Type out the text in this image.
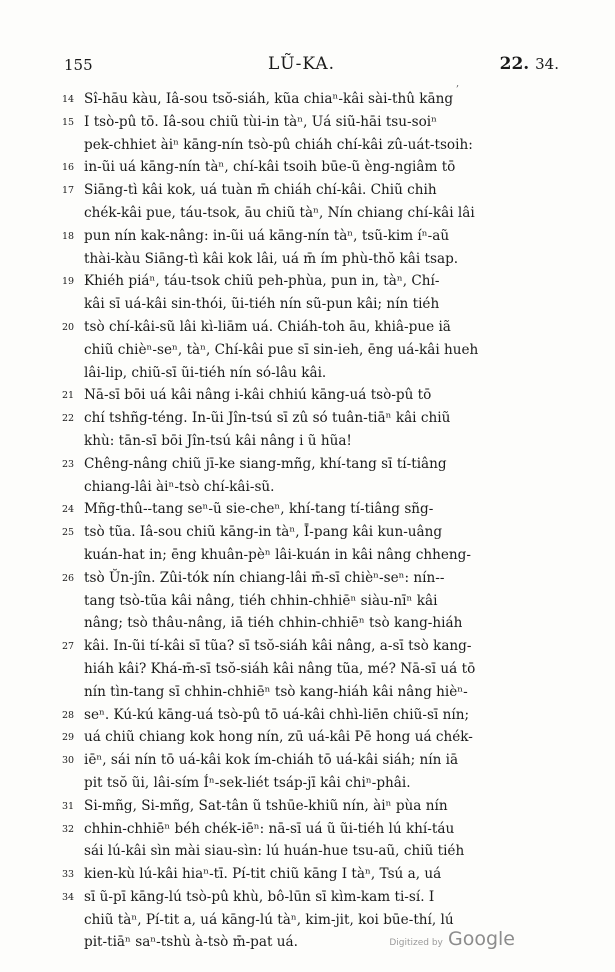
155	LŨ-KA.	22. 34.
,
14 Sî-hāu kàu, Iâ-sou tsŏ-siáh, kũa chiaⁿ-kâi sài-thû kāng
15 I tsò-pû tō. Iâ-sou chiũ tùi-in tàⁿ, Uá siũ-hāi tsu-soiⁿ
pek-chhiet àiⁿ kāng-nín tsò-pû chiáh chí-kâi zû-uát-tsoih:
16 in-ũi uá kāng-nín tàⁿ, chí-kâi tsoih būe-ũ èng-ngiâm tō
17 Siāng-tì kâi kok, uá tuàn m̄ chiáh chí-kâi. Chiũ chih
chék-kâi pue, táu-tsok, āu chiũ tàⁿ, Nín chiang chí-kâi lâi
18 pun nín kak-nâng: in-ũi uá kāng-nín tàⁿ, tsũ-kim íⁿ-aũ
thài-kàu Siāng-tì kâi kok lâi, uá m̄ ím phù-thŏ kâi tsap.
19 Khiéh piáⁿ, táu-tsok chiũ peh-phùa, pun in, tàⁿ, Chí-
kâi sī uá-kâi sin-thói, ũi-tiéh nín sũ-pun kâi; nín tiéh
20 tsò chí-kâi-sũ lâi kì-liām uá. Chiáh-toh āu, khiâ-pue iã
chiũ chièⁿ-seⁿ, tàⁿ, Chí-kâi pue sī sin-ieh, ēng uá-kâi hueh
lâi-lip, chiũ-sī ũi-tiéh nín só-lâu kâi.
21 Nā-sī bōi uá kâi nâng i-kâi chhiú kāng-uá tsò-pû tō
22 chí tshñg-téng. In-ũi Jîn-tsú sī zû só tuân-tiāⁿ kâi chiũ
khù: tān-sī bōi Jîn-tsú kâi nâng i ũ hũa!
23 Chêng-nâng chiũ jī-ke siang-mñg, khí-tang sī tí-tiâng
chiang-lâi àiⁿ-tsò chí-kâi-sũ.
24 Mñg-thû--tang seⁿ-ũ sie-cheⁿ, khí-tang tí-tiâng sñg-
25 tsò tũa. Iâ-sou chiũ kāng-in tàⁿ, Ī-pang kâi kun-uâng
kuán-hat in; ēng khuân-pèⁿ lâi-kuán in kâi nâng chheng-
26 tsò Ŭn-jîn. Zûi-tók nín chiang-lâi m̄-sī chièⁿ-seⁿ: nín--
tang tsò-tũa kâi nâng, tiéh chhin-chhiēⁿ siàu-nīⁿ kâi
nâng; tsò thâu-nâng, iā tiéh chhin-chhiēⁿ tsò kang-hiáh
27 kâi. In-ũi tí-kâi sī tũa? sī tsŏ-siáh kâi nâng, a-sī tsò kang-
hiáh kâi? Khá-m̄-sī tsŏ-siáh kâi nâng tũa, mé? Nā-sī uá tō
nín tìn-tang sī chhin-chhiēⁿ tsò kang-hiáh kâi nâng hièⁿ-
28 seⁿ. Kú-kú kāng-uá tsò-pû tō uá-kâi chhì-liēn chiũ-sī nín;
29 uá chiũ chiang kok hong nín, zū uá-kâi Pē hong uá chék-
30 iēⁿ, sái nín tō uá-kâi kok ím-chiáh tō uá-kâi siáh; nín iā
pit tsŏ ũi, lâi-sím Íⁿ-sek-liét tsáp-jī kâi chiⁿ-phâi.
31 Si-mñg, Si-mñg, Sat-tân ũ tshūe-khiũ nín, àiⁿ pùa nín
32 chhin-chhiēⁿ béh chék-iēⁿ: nā-sī uá ũ ũi-tiéh lú khí-táu
sái lú-kâi sìn mài siau-sìn: lú huán-hue tsu-aũ, chiũ tiéh
33 kien-kù lú-kâi hiaⁿ-tī. Pí-tit chiũ kāng I tàⁿ, Tsú a, uá
34 sī ũ-pī kāng-lú tsò-pû khù, bô-lūn sī kìm-kam ti-sí. I
chiũ tàⁿ, Pí-tit a, uá kāng-lú tàⁿ, kim-jit, koi būe-thí, lú
pit-tiāⁿ saⁿ-tshù à-tsò m̄-pat uá.	Digitized by Google
